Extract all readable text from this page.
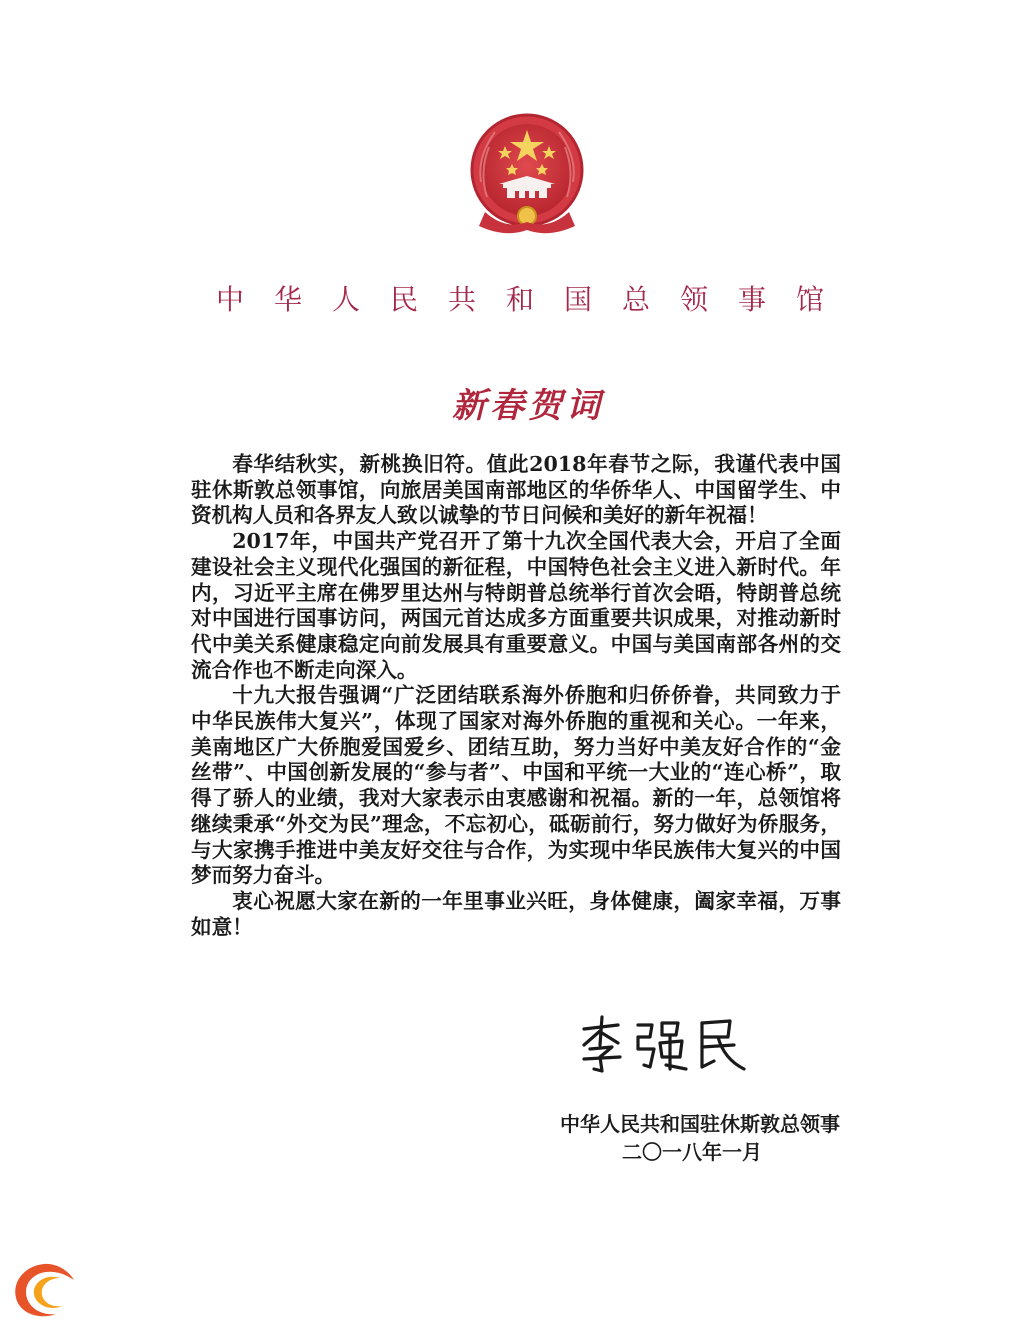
中 华 人 民 共 和 国 总 领 事 馆
新春贺词

春华结秋实，新桃换旧符。值此2018年春节之际，我谨代表中国驻休斯敦总领事馆，向旅居美国南部地区的华侨华人、中国留学生、中资机构人员和各界友人致以诚挚的节日问候和美好的新年祝福！

2017年，中国共产党召开了第十九次全国代表大会，开启了全面建设社会主义现代化强国的新征程，中国特色社会主义进入新时代。年内，习近平主席在佛罗里达州与特朗普总统举行首次会晤，特朗普总统对中国进行国事访问，两国元首达成多方面重要共识成果，对推动新时代中美关系健康稳定向前发展具有重要意义。中国与美国南部各州的交流合作也不断走向深入。

十九大报告强调“广泛团结联系海外侨胞和归侨侨眷，共同致力于中华民族伟大复兴”，体现了国家对海外侨胞的重视和关心。一年来，美南地区广大侨胞爱国爱乡、团结互助，努力当好中美友好合作的“金丝带”、中国创新发展的“参与者”、中国和平统一大业的“连心桥”，取得了骄人的业绩，我对大家表示由衷感谢和祝福。新的一年，总领馆将继续秉承“外交为民”理念，不忘初心，砥砺前行，努力做好为侨服务，与大家携手推进中美友好交往与合作，为实现中华民族伟大复兴的中国梦而努力奋斗。

衷心祝愿大家在新的一年里事业兴旺，身体健康，阖家幸福，万事如意！

中华人民共和国驻休斯敦总领事
二〇一八年一月
